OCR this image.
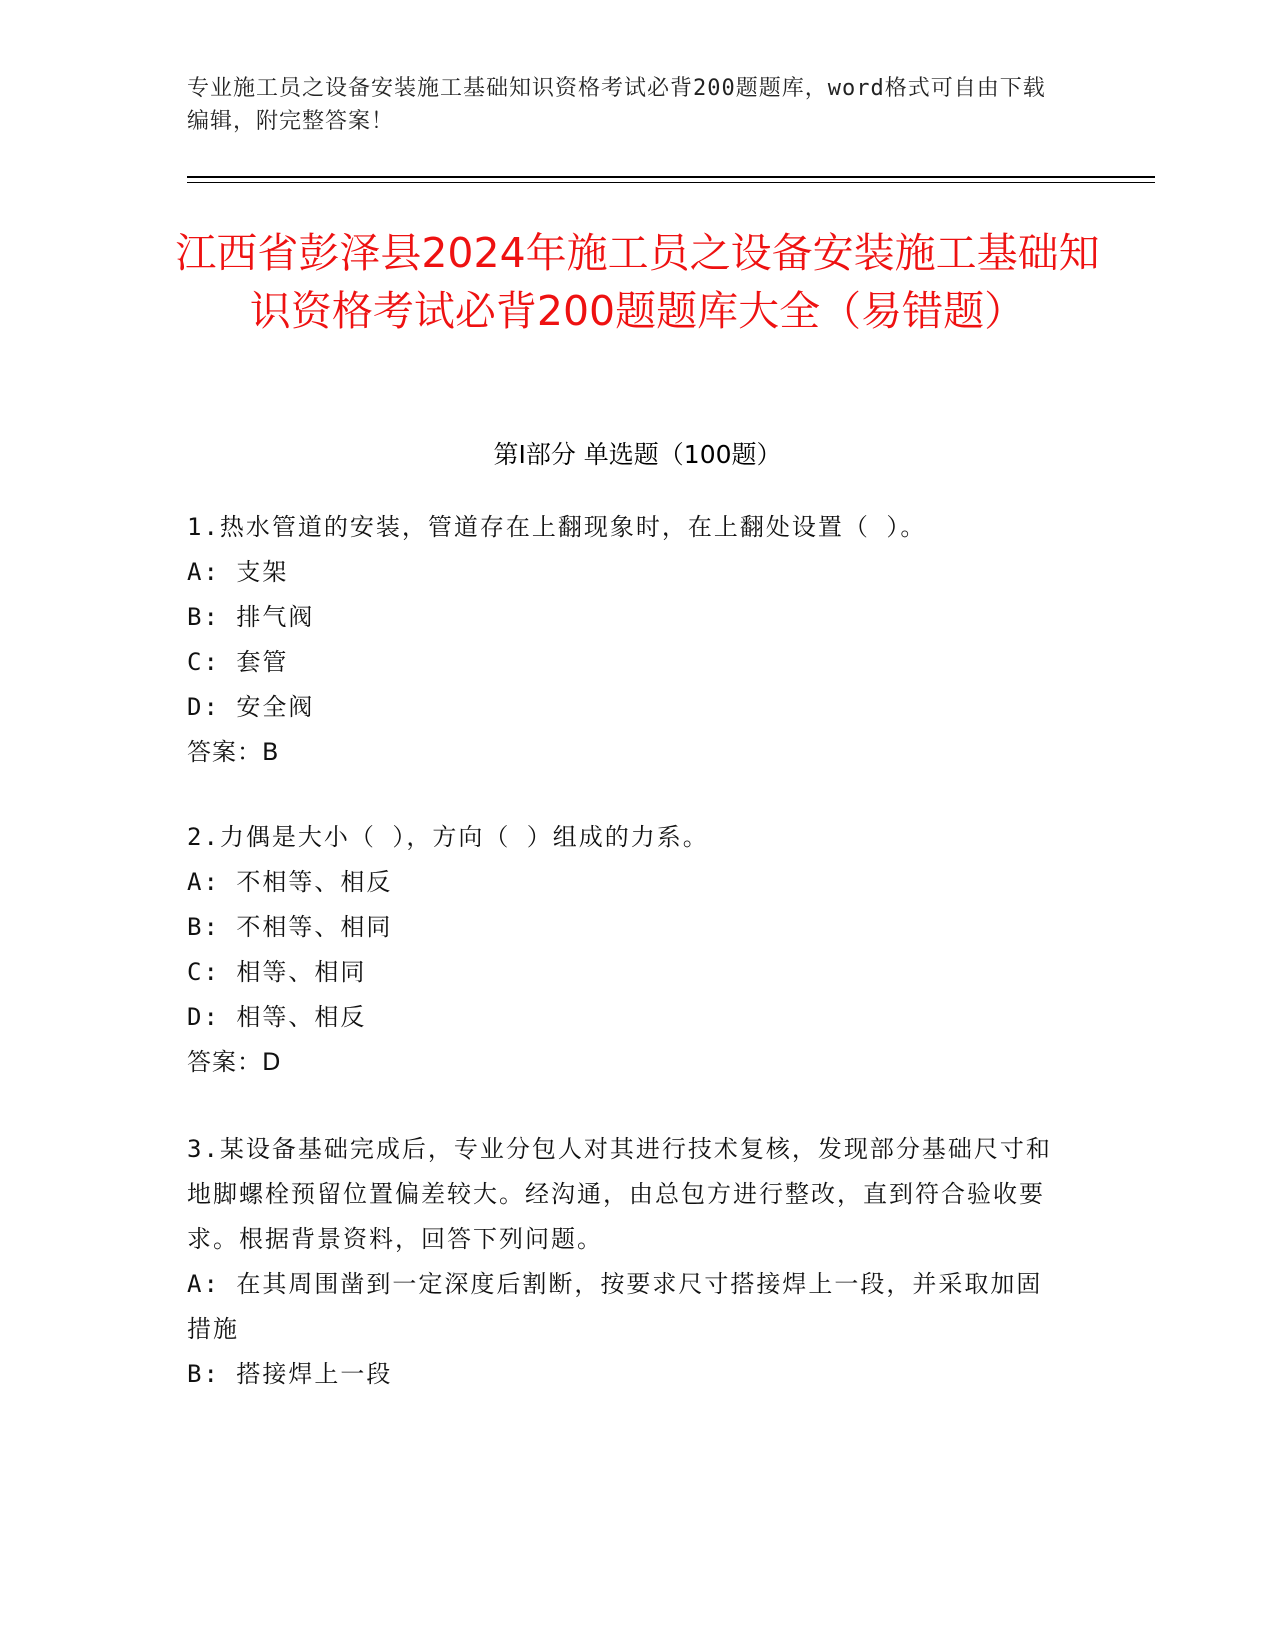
专业施工员之设备安装施工基础知识资格考试必背200题题库，word格式可自由下载编辑，附完整答案！
江西省彭泽县2024年施工员之设备安装施工基础知识资格考试必背200题题库大全（易错题）
第Ⅰ部分 单选题（100题）
1.热水管道的安装，管道存在上翻现象时，在上翻处设置（ ）。
A: 支架
B: 排气阀
C: 套管
D: 安全阀
答案：B
2.力偶是大小（ ），方向（ ）组成的力系。
A: 不相等、相反
B: 不相等、相同
C: 相等、相同
D: 相等、相反
答案：D
3.某设备基础完成后，专业分包人对其进行技术复核，发现部分基础尺寸和地脚螺栓预留位置偏差较大。经沟通，由总包方进行整改，直到符合验收要求。根据背景资料，回答下列问题。
A: 在其周围凿到一定深度后割断，按要求尺寸搭接焊上一段，并采取加固措施
B: 搭接焊上一段
